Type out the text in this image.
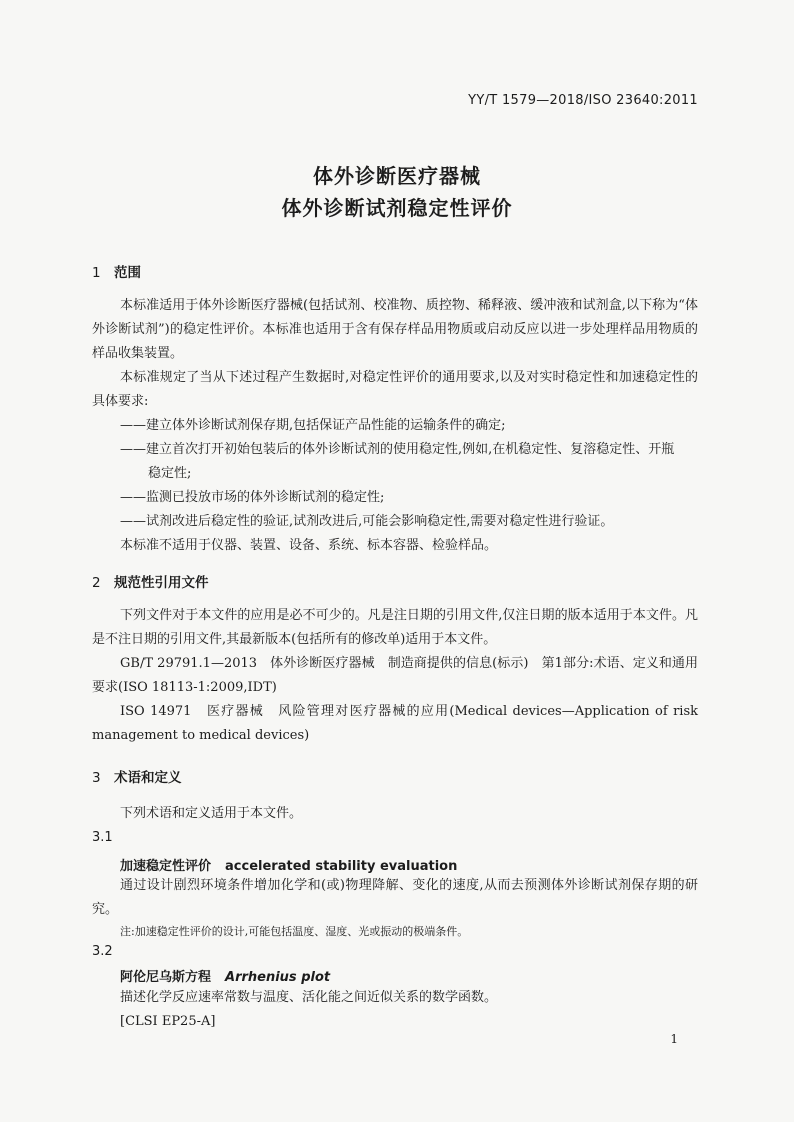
YY/T 1579—2018/ISO 23640:2011
体外诊断医疗器械
体外诊断试剂稳定性评价
1 范围
本标准适用于体外诊断医疗器械(包括试剂、校准物、质控物、稀释液、缓冲液和试剂盒,以下称为“体外诊断试剂”)的稳定性评价。本标准也适用于含有保存样品用物质或启动反应以进一步处理样品用物质的样品收集装置。
本标准规定了当从下述过程产生数据时,对稳定性评价的通用要求,以及对实时稳定性和加速稳定性的具体要求:
——建立体外诊断试剂保存期,包括保证产品性能的运输条件的确定;
——建立首次打开初始包装后的体外诊断试剂的使用稳定性,例如,在机稳定性、复溶稳定性、开瓶
稳定性;
——监测已投放市场的体外诊断试剂的稳定性;
——试剂改进后稳定性的验证,试剂改进后,可能会影响稳定性,需要对稳定性进行验证。
本标准不适用于仪器、装置、设备、系统、标本容器、检验样品。
2 规范性引用文件
下列文件对于本文件的应用是必不可少的。凡是注日期的引用文件,仅注日期的版本适用于本文件。凡是不注日期的引用文件,其最新版本(包括所有的修改单)适用于本文件。
GB/T 29791.1—2013　体外诊断医疗器械　制造商提供的信息(标示)　第1部分:术语、定义和通用要求(ISO 18113-1:2009,IDT)
ISO 14971　医疗器械　风险管理对医疗器械的应用(Medical devices—Application of risk management to medical devices)
3 术语和定义
下列术语和定义适用于本文件。
3.1
加速稳定性评价 accelerated stability evaluation
通过设计剧烈环境条件增加化学和(或)物理降解、变化的速度,从而去预测体外诊断试剂保存期的研究。
注:加速稳定性评价的设计,可能包括温度、湿度、光或振动的极端条件。
3.2
阿伦尼乌斯方程 Arrhenius plot
描述化学反应速率常数与温度、活化能之间近似关系的数学函数。
[CLSI EP25-A]
1
